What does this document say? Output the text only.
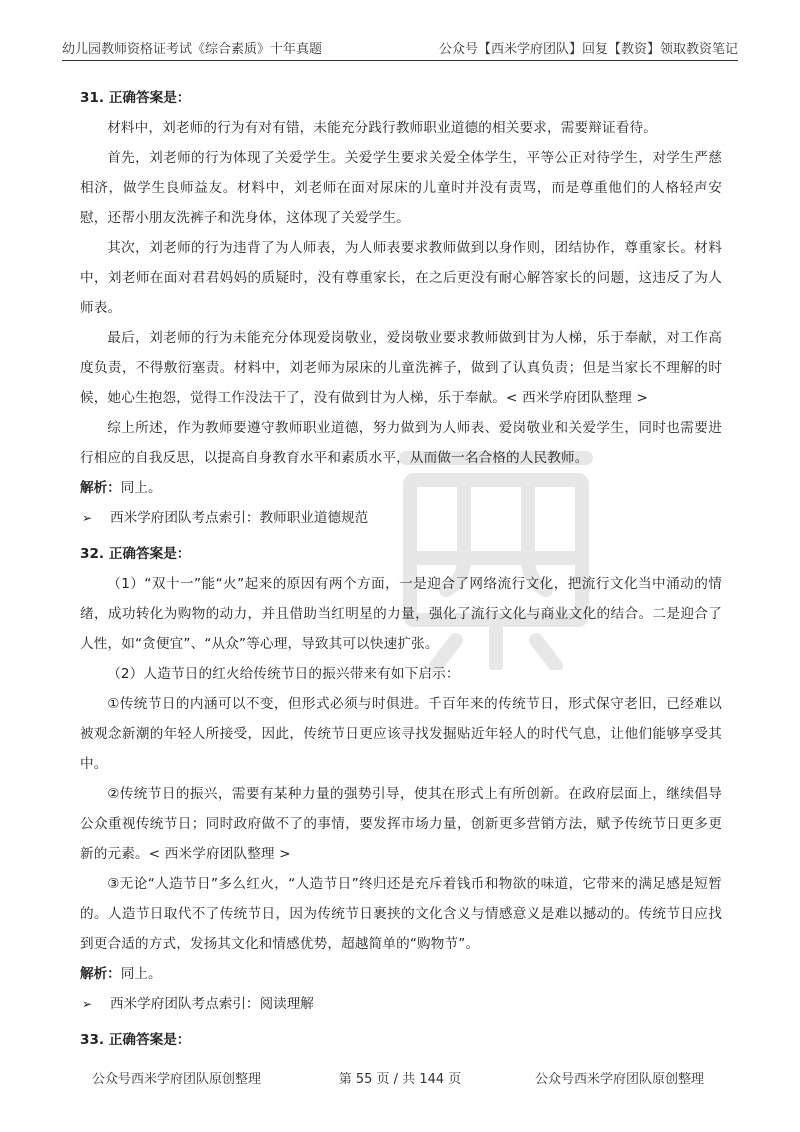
幼儿园教师资格证考试《综合素质》十年真题	公众号【西米学府团队】回复【教资】领取教资笔记

31. 正确答案是：

材料中，刘老师的行为有对有错，未能充分践行教师职业道德的相关要求，需要辩证看待。

首先，刘老师的行为体现了关爱学生。关爱学生要求关爱全体学生，平等公正对待学生，对学生严慈相济，做学生良师益友。材料中，刘老师在面对尿床的儿童时并没有责骂，而是尊重他们的人格轻声安慰，还帮小朋友洗裤子和洗身体，这体现了关爱学生。

其次，刘老师的行为违背了为人师表，为人师表要求教师做到以身作则，团结协作，尊重家长。材料中，刘老师在面对君君妈妈的质疑时，没有尊重家长，在之后更没有耐心解答家长的问题，这违反了为人师表。

最后，刘老师的行为未能充分体现爱岗敬业，爱岗敬业要求教师做到甘为人梯，乐于奉献，对工作高度负责，不得敷衍塞责。材料中，刘老师为尿床的儿童洗裤子，做到了认真负责；但是当家长不理解的时候，她心生抱怨，觉得工作没法干了，没有做到甘为人梯，乐于奉献。< 西米学府团队整理 >

综上所述，作为教师要遵守教师职业道德，努力做到为人师表、爱岗敬业和关爱学生，同时也需要进行相应的自我反思，以提高自身教育水平和素质水平，从而做一名合格的人民教师。

解析：同上。

➢ 西米学府团队考点索引：教师职业道德规范

32. 正确答案是：

（1）“双十一”能“火”起来的原因有两个方面，一是迎合了网络流行文化，把流行文化当中涌动的情绪，成功转化为购物的动力，并且借助当红明星的力量，强化了流行文化与商业文化的结合。二是迎合了人性，如“贪便宜”、“从众”等心理，导致其可以快速扩张。

（2）人造节日的红火给传统节日的振兴带来有如下启示：

①传统节日的内涵可以不变，但形式必须与时俱进。千百年来的传统节日，形式保守老旧，已经难以被观念新潮的年轻人所接受，因此，传统节日更应该寻找发掘贴近年轻人的时代气息，让他们能够享受其中。

②传统节日的振兴，需要有某种力量的强势引导，使其在形式上有所创新。在政府层面上，继续倡导公众重视传统节日；同时政府做不了的事情，要发挥市场力量，创新更多营销方法，赋予传统节日更多更新的元素。< 西米学府团队整理 >

③无论“人造节日”多么红火，“人造节日”终归还是充斥着钱币和物欲的味道，它带来的满足感是短暂的。人造节日取代不了传统节日，因为传统节日裹挟的文化含义与情感意义是难以撼动的。传统节日应找到更合适的方式，发扬其文化和情感优势，超越简单的“购物节”。

解析：同上。

➢ 西米学府团队考点索引：阅读理解

33. 正确答案是：

公众号西米学府团队原创整理	第 55 页 / 共 144 页	公众号西米学府团队原创整理
